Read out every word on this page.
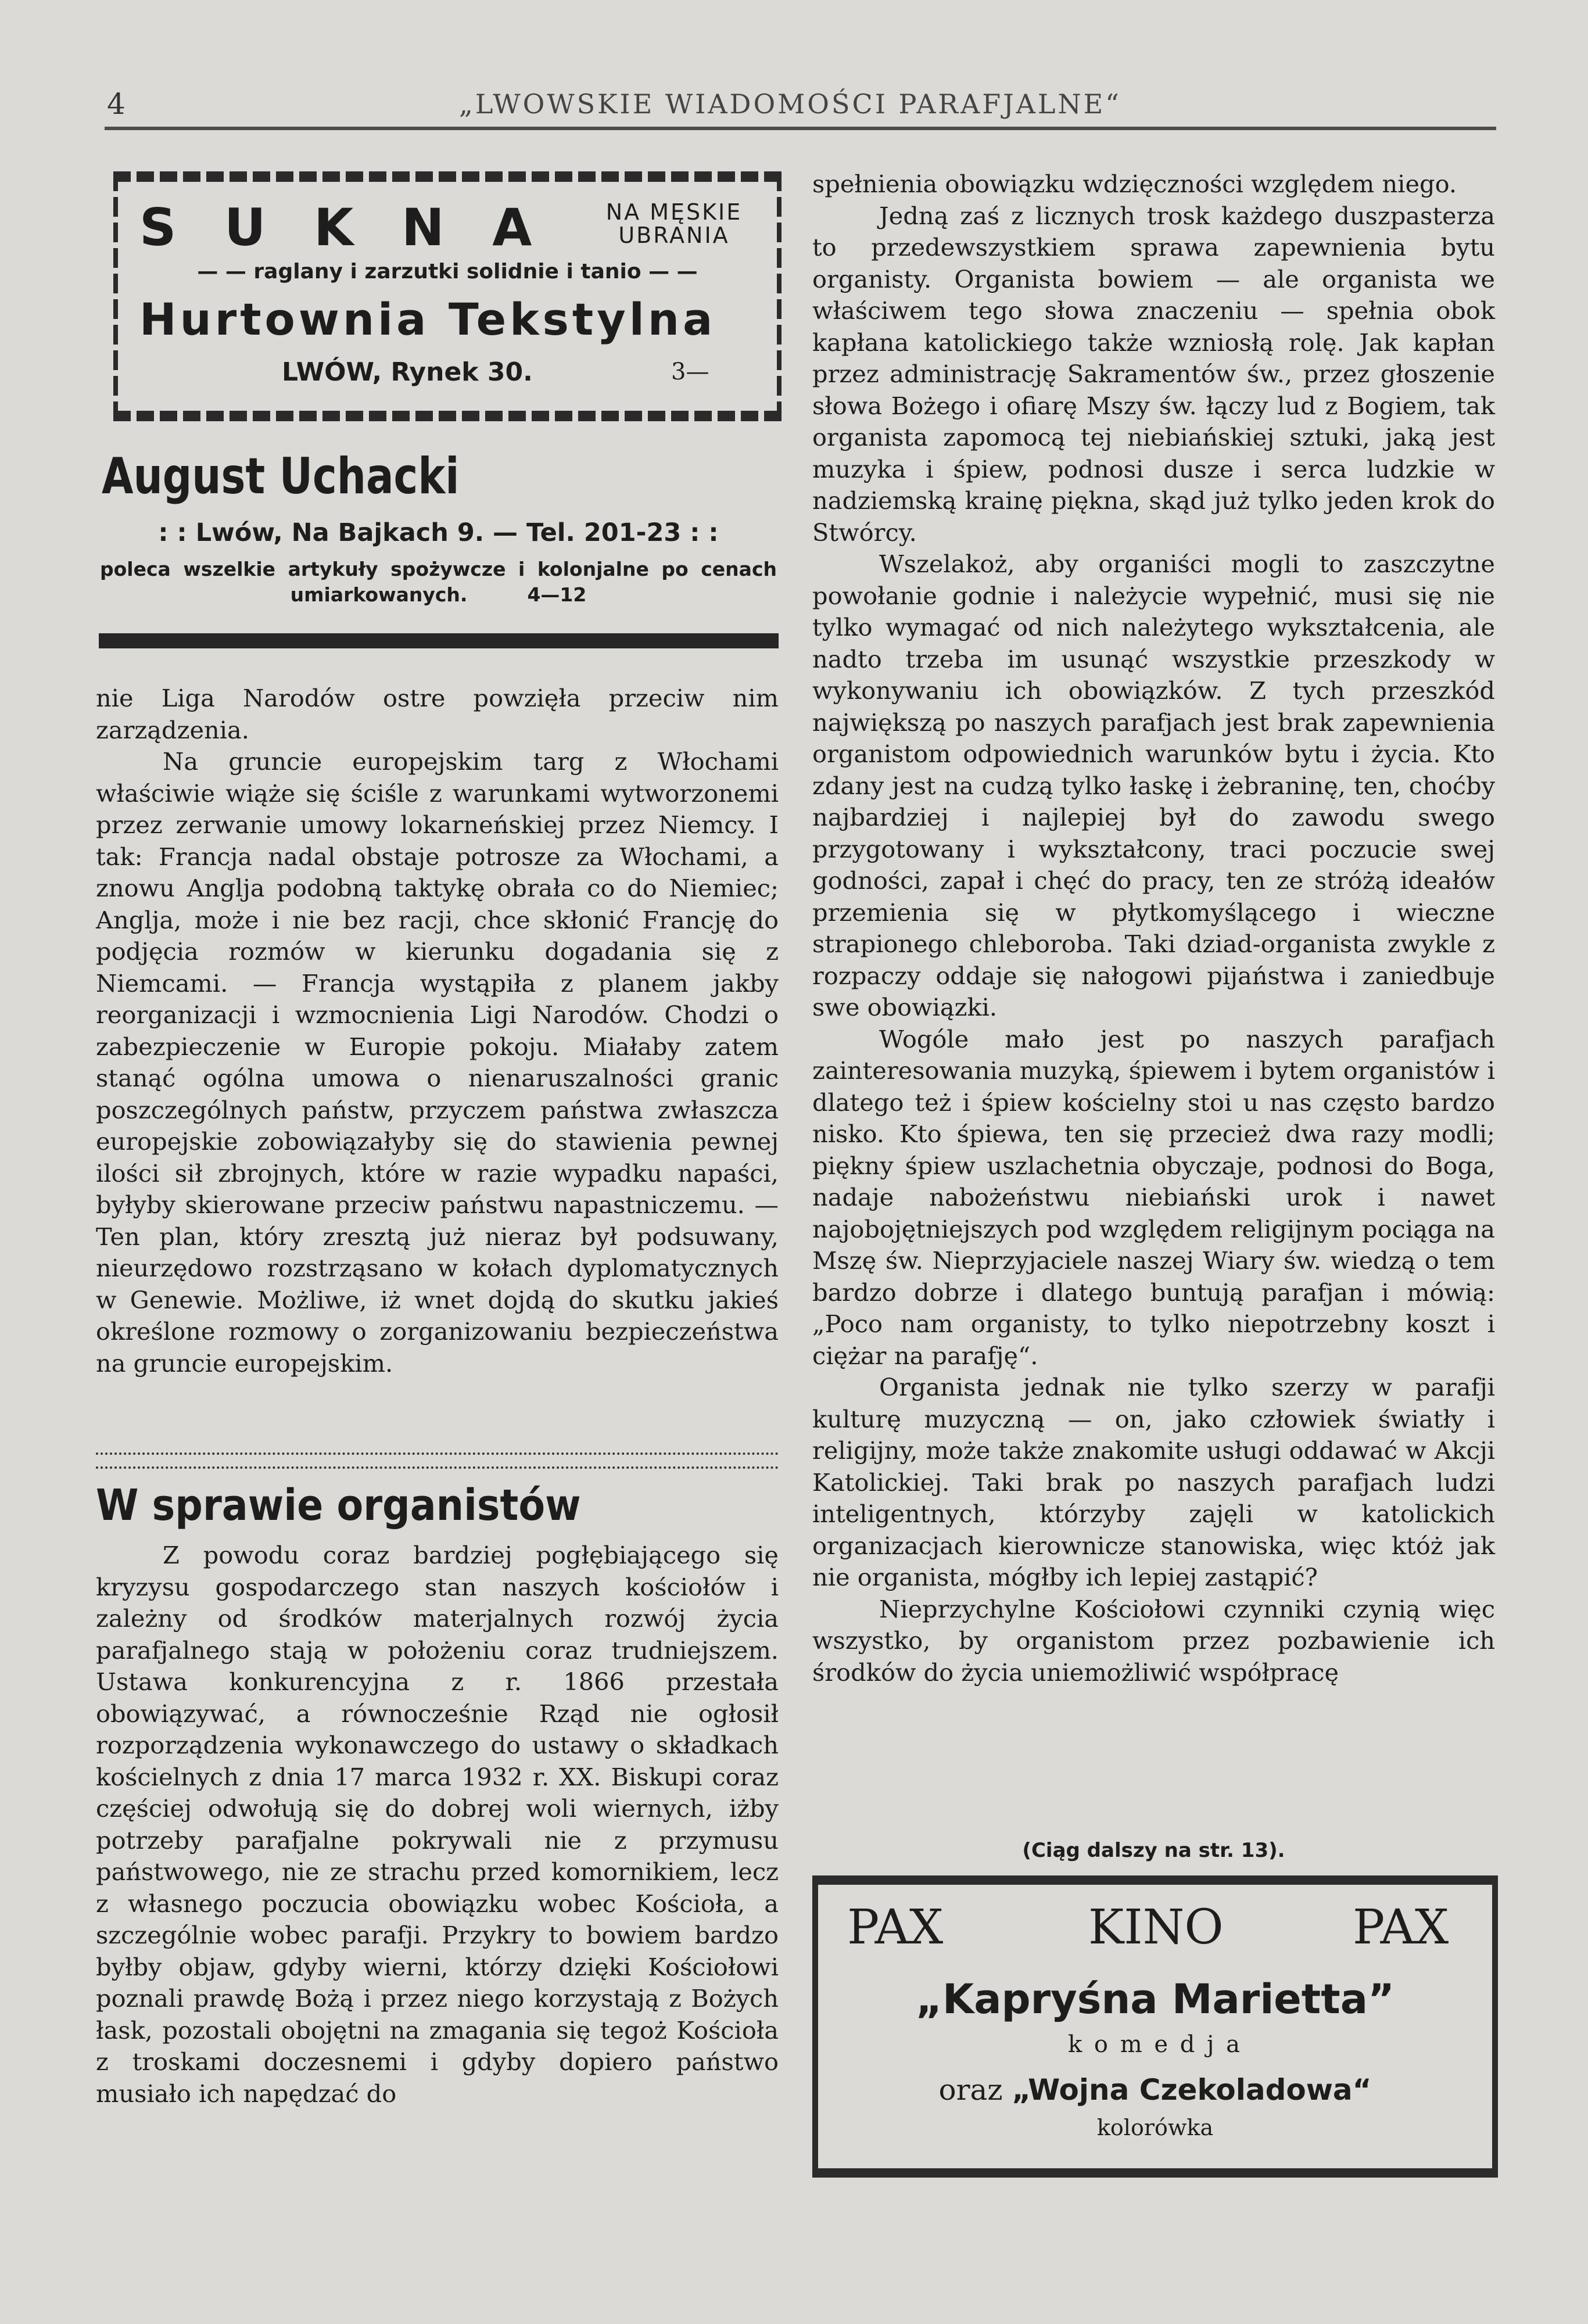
4	„LWOWSKIE WIADOMOŚCI PARAFJALNE“
S U K N A	NA MĘSKIE
UBRANIA
— — raglany i zarzutki solidnie i tanio — —
Hurtownia Tekstylna
LWÓW, Rynek 30.	3—
August Uchacki
: : Lwów, Na Bajkach 9. — Tel. 201-23 : :
poleca wszelkie artykuły spożywcze i kolonjalne po cenach umiarkowanych.	4—12

nie Liga Narodów ostre powzięła przeciw nim zarządzenia.

Na gruncie europejskim targ z Włochami właściwie wiąże się ściśle z warunkami wytworzonemi przez zerwanie umowy lokarneńskiej przez Niemcy. I tak: Francja nadal obstaje potrosze za Włochami, a znowu Anglja podobną taktykę obrała co do Niemiec; Anglja, może i nie bez racji, chce skłonić Francję do podjęcia rozmów w kierunku dogadania się z Niemcami. — Francja wystąpiła z planem jakby reorganizacji i wzmocnienia Ligi Narodów. Chodzi o zabezpieczenie w Europie pokoju. Miałaby zatem stanąć ogólna umowa o nienaruszalności granic poszczególnych państw, przyczem państwa zwłaszcza europejskie zobowiązałyby się do stawienia pewnej ilości sił zbrojnych, które w razie wypadku napaści, byłyby skierowane przeciw państwu napastniczemu. — Ten plan, który zresztą już nieraz był podsuwany, nieurzędowo rozstrząsano w kołach dyplomatycznych w Genewie. Możliwe, iż wnet dojdą do skutku jakieś określone rozmowy o zorganizowaniu bezpieczeństwa na gruncie europejskim.

W sprawie organistów

Z powodu coraz bardziej pogłębiającego się kryzysu gospodarczego stan naszych kościołów i zależny od środków materjalnych rozwój życia parafjalnego stają w położeniu coraz trudniejszem. Ustawa konkurencyjna z r. 1866 przestała obowiązywać, a równocześnie Rząd nie ogłosił rozporządzenia wykonawczego do ustawy o składkach kościelnych z dnia 17 marca 1932 r. XX. Biskupi coraz częściej odwołują się do dobrej woli wiernych, iżby potrzeby parafjalne pokrywali nie z przymusu państwowego, nie ze strachu przed komornikiem, lecz z własnego poczucia obowiązku wobec Kościoła, a szczególnie wobec parafji. Przykry to bowiem bardzo byłby objaw, gdyby wierni, którzy dzięki Kościołowi poznali prawdę Bożą i przez niego korzystają z Bożych łask, pozostali obojętni na zmagania się tegoż Kościoła z troskami doczesnemi i gdyby dopiero państwo musiało ich napędzać do

spełnienia obowiązku wdzięczności względem niego.

Jedną zaś z licznych trosk każdego duszpasterza to przedewszystkiem sprawa zapewnienia bytu organisty. Organista bowiem — ale organista we właściwem tego słowa znaczeniu — spełnia obok kapłana katolickiego także wzniosłą rolę. Jak kapłan przez administrację Sakramentów św., przez głoszenie słowa Bożego i ofiarę Mszy św. łączy lud z Bogiem, tak organista zapomocą tej niebiańskiej sztuki, jaką jest muzyka i śpiew, podnosi dusze i serca ludzkie w nadziemską krainę piękna, skąd już tylko jeden krok do Stwórcy.

Wszelakoż, aby organiści mogli to zaszczytne powołanie godnie i należycie wypełnić, musi się nie tylko wymagać od nich należytego wykształcenia, ale nadto trzeba im usunąć wszystkie przeszkody w wykonywaniu ich obowiązków. Z tych przeszkód największą po naszych parafjach jest brak zapewnienia organistom odpowiednich warunków bytu i życia. Kto zdany jest na cudzą tylko łaskę i żebraninę, ten, choćby najbardziej i najlepiej był do zawodu swego przygotowany i wykształcony, traci poczucie swej godności, zapał i chęć do pracy, ten ze stróżą ideałów przemienia się w płytkomyślącego i wieczne strapionego chleboroba. Taki dziad-organista zwykle z rozpaczy oddaje się nałogowi pijaństwa i zaniedbuje swe obowiązki.

Wogóle mało jest po naszych parafjach zainteresowania muzyką, śpiewem i bytem organistów i dlatego też i śpiew kościelny stoi u nas często bardzo nisko. Kto śpiewa, ten się przecież dwa razy modli; piękny śpiew uszlachetnia obyczaje, podnosi do Boga, nadaje nabożeństwu niebiański urok i nawet najobojętniejszych pod względem religijnym pociąga na Mszę św. Nieprzyjaciele naszej Wiary św. wiedzą o tem bardzo dobrze i dlatego buntują parafjan i mówią: „Poco nam organisty, to tylko niepotrzebny koszt i ciężar na parafję“.

Organista jednak nie tylko szerzy w parafji kulturę muzyczną — on, jako człowiek światły i religijny, może także znakomite usługi oddawać w Akcji Katolickiej. Taki brak po naszych parafjach ludzi inteligentnych, którzyby zajęli w katolickich organizacjach kierownicze stanowiska, więc któż jak nie organista, mógłby ich lepiej zastąpić?

Nieprzychylne Kościołowi czynniki czynią więc wszystko, by organistom przez pozbawienie ich środków do życia uniemożliwić współpracę

(Ciąg dalszy na str. 13).
PAX	KINO	PAX
„Kapryśna Marietta”
k o m e d j a
oraz „Wojna Czekoladowa“
kolorówka
